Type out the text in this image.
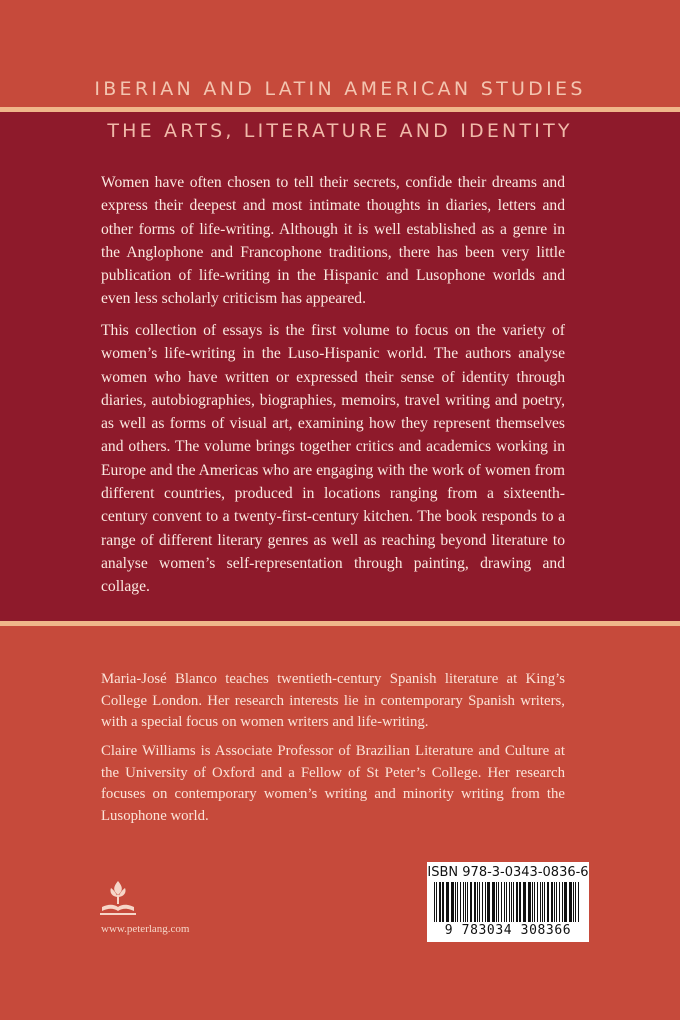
IBERIAN AND LATIN AMERICAN STUDIES
THE ARTS, LITERATURE AND IDENTITY

Women have often chosen to tell their secrets, confide their dreams and express their deepest and most intimate thoughts in diaries, letters and other forms of life-writing. Although it is well established as a genre in the Anglophone and Francophone traditions, there has been very little publication of life-writing in the Hispanic and Lusophone worlds and even less scholarly criticism has appeared.

This collection of essays is the first volume to focus on the variety of women’s life-writing in the Luso-Hispanic world. The authors analyse women who have written or expressed their sense of identity through diaries, autobiographies, biographies, memoirs, travel writing and poetry, as well as forms of visual art, examining how they represent themselves and others. The volume brings together critics and academics working in Europe and the Americas who are engaging with the work of women from different countries, produced in locations ranging from a sixteenth-century convent to a twenty-first-century kitchen. The book responds to a range of different literary genres as well as reaching beyond literature to analyse women’s self-representation through painting, drawing and collage.

Maria-José Blanco teaches twentieth-century Spanish literature at King’s College London. Her research interests lie in contemporary Spanish writers, with a special focus on women writers and life-writing.

Claire Williams is Associate Professor of Brazilian Literature and Culture at the University of Oxford and a Fellow of St Peter’s College. Her research focuses on contemporary women’s writing and minority writing from the Lusophone world.

www.peterlang.com
ISBN 978-3-0343-0836-6
9 783034 308366
